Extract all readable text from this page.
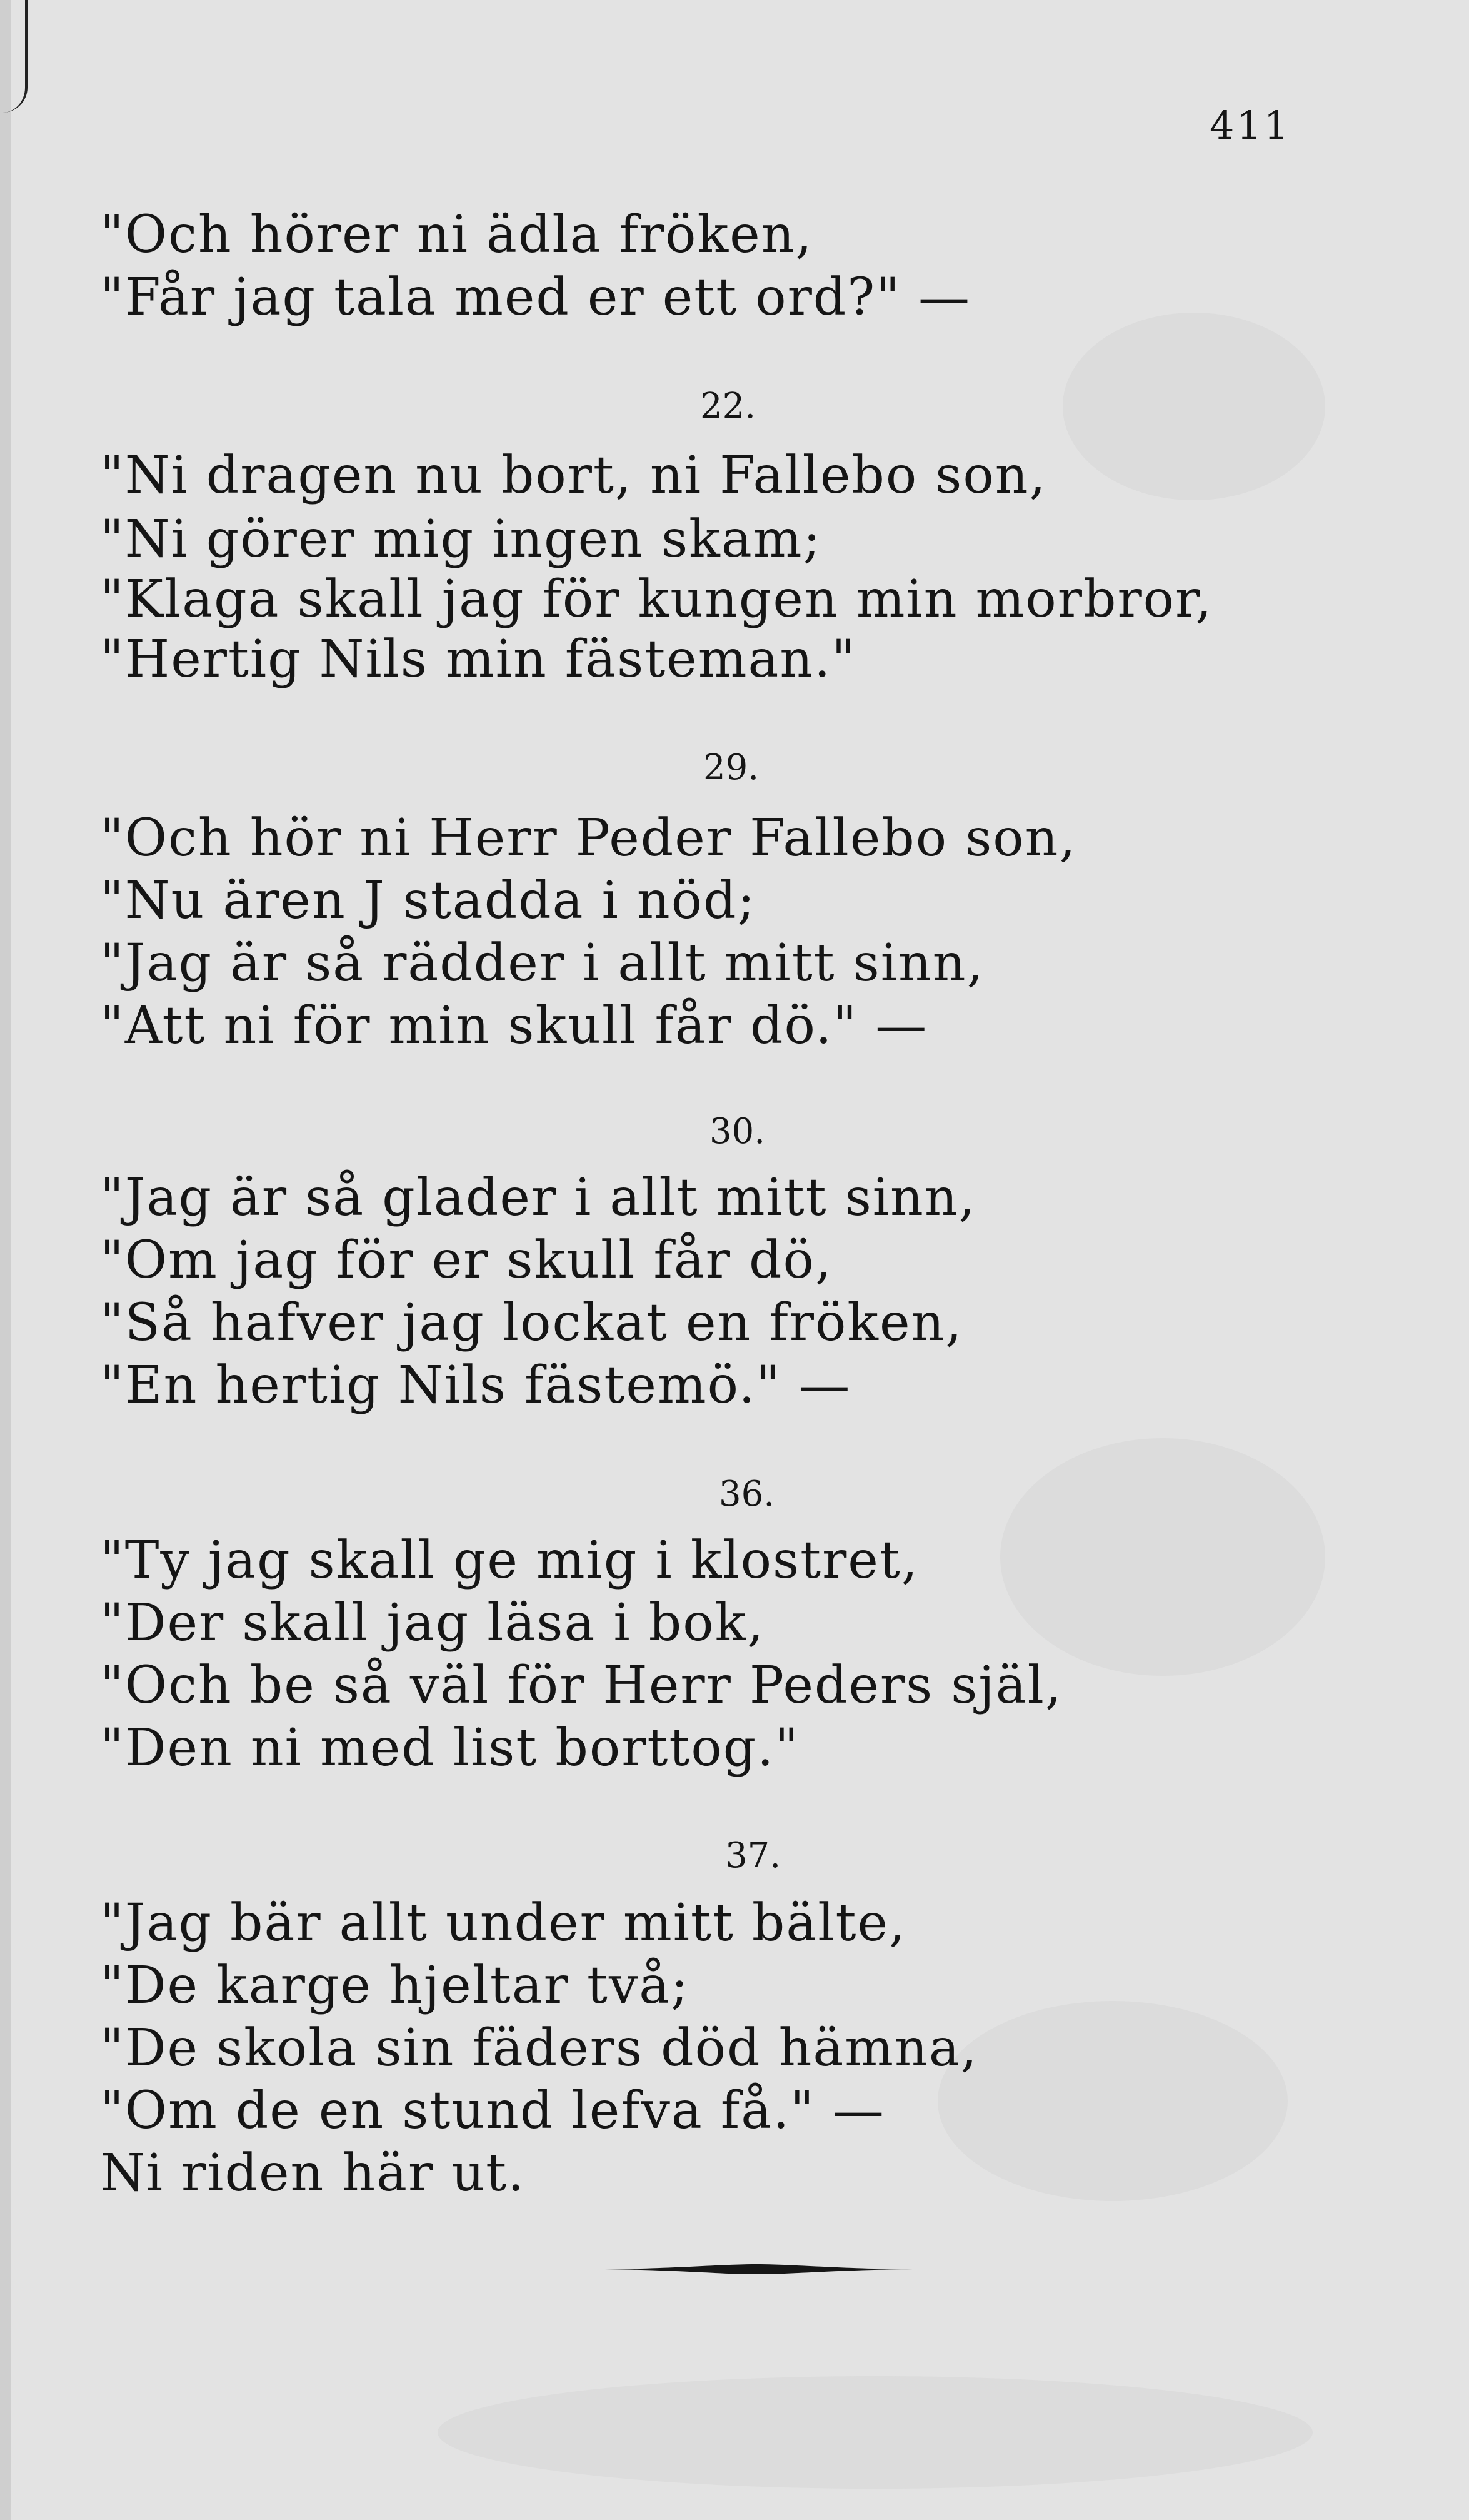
411
"Och hörer ni ädla fröken,
"Får jag tala med er ett ord?" —
22.
"Ni dragen nu bort, ni Fallebo son,
"Ni görer mig ingen skam;
"Klaga skall jag för kungen min morbror,
"Hertig Nils min fästeman."
29.
"Och hör ni Herr Peder Fallebo son,
"Nu ären J stadda i nöd;
"Jag är så rädder i allt mitt sinn,
"Att ni för min skull får dö." —
30.
"Jag är så glader i allt mitt sinn,
"Om jag för er skull får dö,
"Så hafver jag lockat en fröken,
"En hertig Nils fästemö." —
36.
"Ty jag skall ge mig i klostret,
"Der skall jag läsa i bok,
"Och be så väl för Herr Peders själ,
"Den ni med list borttog."
37.
"Jag bär allt under mitt bälte,
"De karge hjeltar två;
"De skola sin fäders död hämna,
"Om de en stund lefva få." —
Ni riden här ut.
